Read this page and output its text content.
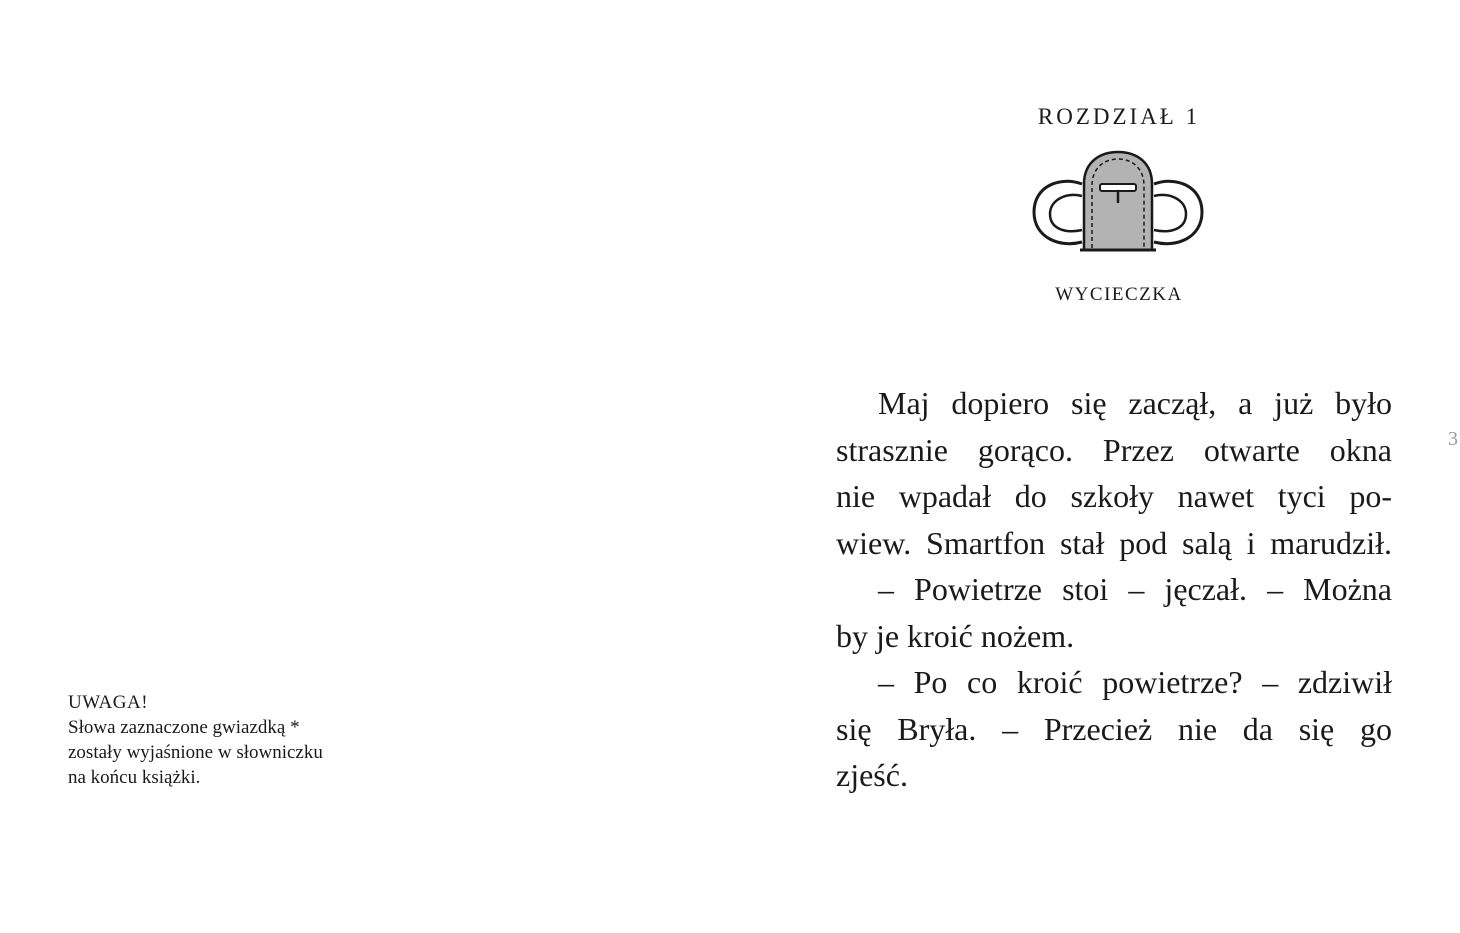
UWAGA!
Słowa zaznaczone gwiazdką *
zostały wyjaśnione w słowniczku
na końcu książki.
ROZDZIAŁ 1
WYCIECZKA
Maj dopiero się zaczął, a już było
strasznie gorąco. Przez otwarte okna
nie wpadał do szkoły nawet tyci po-
wiew. Smartfon stał pod salą i marudził.
– Powietrze stoi – jęczał. – Można
by je kroić nożem.
– Po co kroić powietrze? – zdziwił
się Bryła. – Przecież nie da się go
zjeść.
3
